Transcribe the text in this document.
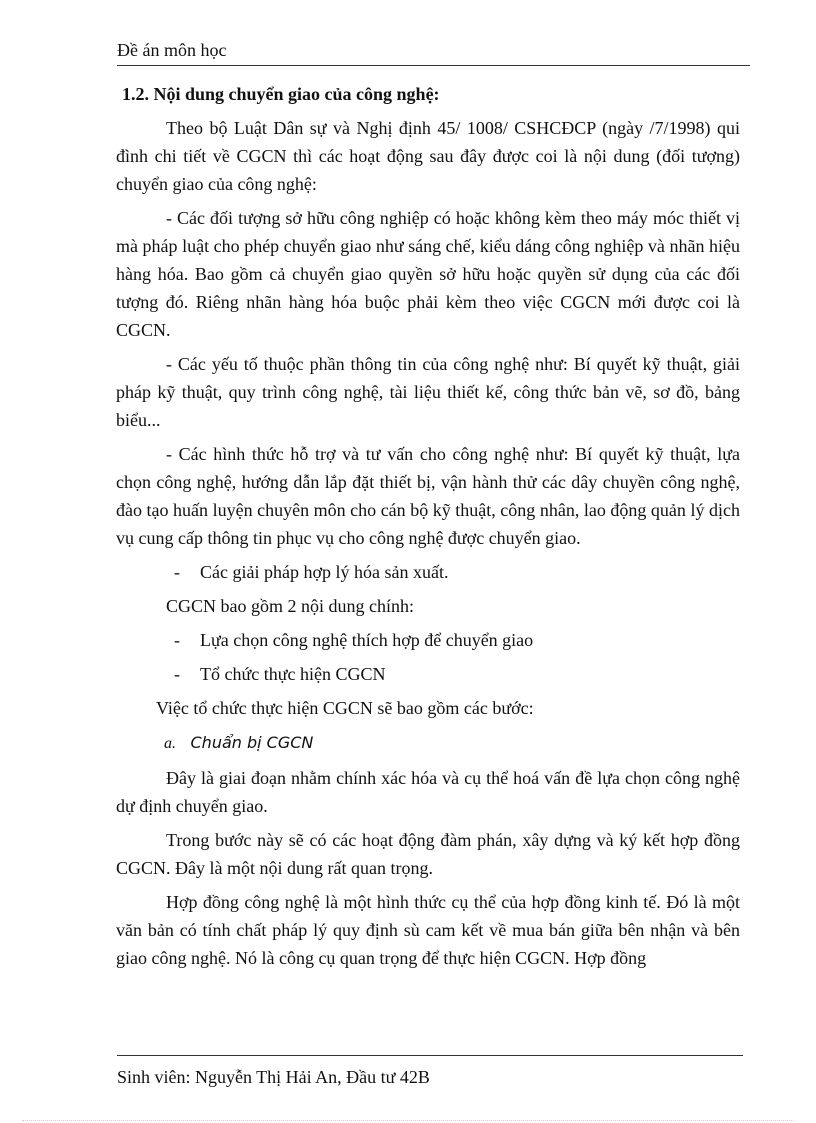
Đề án môn học

1.2. Nội dung chuyển giao của công nghệ:

Theo bộ Luật Dân sự và Nghị định 45/ 1008/ CSHCĐCP (ngày /7/1998) qui đình chi tiết về CGCN thì các hoạt động sau đây được coi là nội dung (đối tượng) chuyển giao của công nghệ:

- Các đối tượng sở hữu công nghiệp có hoặc không kèm theo máy móc thiết vị mà pháp luật cho phép chuyển giao như sáng chế, kiểu dáng công nghiệp và nhãn hiệu hàng hóa. Bao gồm cả chuyển giao quyền sở hữu hoặc quyền sử dụng của các đối tượng đó. Riêng nhãn hàng hóa buộc phải kèm theo việc CGCN mới được coi là CGCN.

- Các yếu tố thuộc phần thông tin của công nghệ như: Bí quyết kỹ thuật, giải pháp kỹ thuật, quy trình công nghệ, tài liệu thiết kế, công thức bản vẽ, sơ đồ, bảng biểu...

- Các hình thức hỗ trợ và tư vấn cho công nghệ như: Bí quyết kỹ thuật, lựa chọn công nghệ, hướng dẫn lắp đặt thiết bị, vận hành thử các dây chuyền công nghệ, đào tạo huấn luyện chuyên môn cho cán bộ kỹ thuật, công nhân, lao động quản lý dịch vụ cung cấp thông tin phục vụ cho công nghệ được chuyển giao.

- Các giải pháp hợp lý hóa sản xuất.

CGCN bao gồm 2 nội dung chính:

- Lựa chọn công nghệ thích hợp để chuyển giao

- Tổ chức thực hiện CGCN

Việc tổ chức thực hiện CGCN sẽ bao gồm các bước:

a. Chuẩn bị CGCN

Đây là giai đoạn nhằm chính xác hóa và cụ thể hoá vấn đề lựa chọn công nghệ dự định chuyển giao.

Trong bước này sẽ có các hoạt động đàm phán, xây dựng và ký kết hợp đồng CGCN. Đây là một nội dung rất quan trọng.

Hợp đồng công nghệ là một hình thức cụ thể của hợp đồng kinh tế. Đó là một văn bản có tính chất pháp lý quy định sù cam kết về mua bán giữa bên nhận và bên giao công nghệ. Nó là công cụ quan trọng để thực hiện CGCN. Hợp đồng

Sinh viên: Nguyễn Thị Hải An, Đầu tư 42B
